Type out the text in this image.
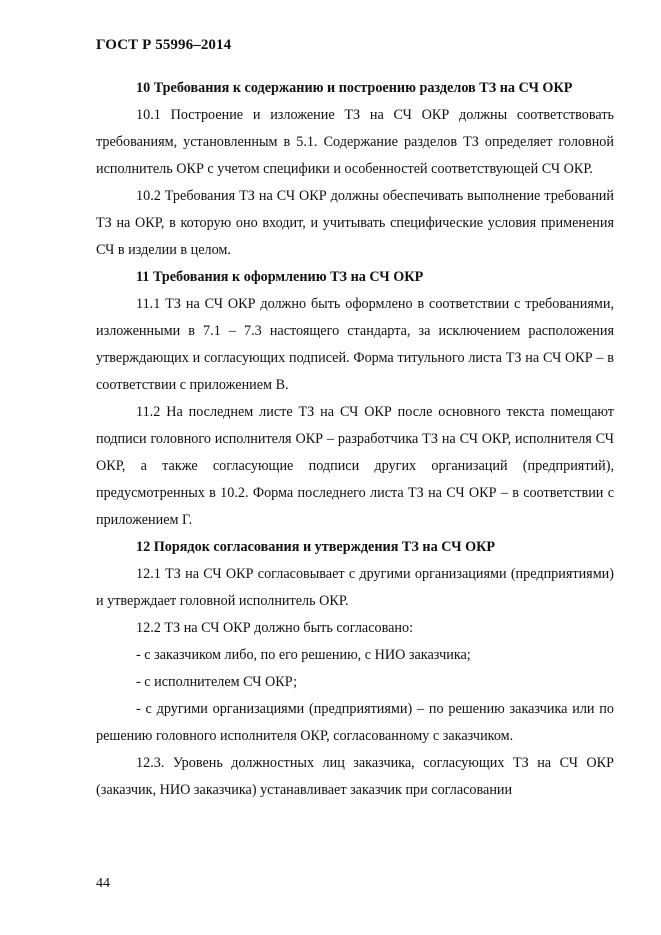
ГОСТ Р 55996–2014

10 Требования к содержанию и построению разделов ТЗ на СЧ ОКР

10.1 Построение и изложение ТЗ на СЧ ОКР должны соответствовать требованиям, установленным в 5.1. Содержание разделов ТЗ определяет головной исполнитель ОКР с учетом специфики и особенностей соответствующей СЧ ОКР.

10.2 Требования ТЗ на СЧ ОКР должны обеспечивать выполнение требований ТЗ на ОКР, в которую оно входит, и учитывать специфические условия применения СЧ в изделии в целом.

11 Требования к оформлению ТЗ на СЧ ОКР

11.1 ТЗ на СЧ ОКР должно быть оформлено в соответствии с требованиями, изложенными в 7.1 – 7.3 настоящего стандарта, за исключением расположения утверждающих и согласующих подписей. Форма титульного листа ТЗ на СЧ ОКР – в соответствии с приложением В.

11.2 На последнем листе ТЗ на СЧ ОКР после основного текста помещают подписи головного исполнителя ОКР – разработчика ТЗ на СЧ ОКР, исполнителя СЧ ОКР, а также согласующие подписи других организаций (предприятий), предусмотренных в 10.2. Форма последнего листа ТЗ на СЧ ОКР – в соответствии с приложением Г.

12 Порядок согласования и утверждения ТЗ на СЧ ОКР

12.1 ТЗ на СЧ ОКР согласовывает с другими организациями (предприятиями) и утверждает головной исполнитель ОКР.

12.2 ТЗ на СЧ ОКР должно быть согласовано:

- с заказчиком либо, по его решению, с НИО заказчика;

- с исполнителем СЧ ОКР;

- с другими организациями (предприятиями) – по решению заказчика или по решению головного исполнителя ОКР, согласованному с заказчиком.

12.3. Уровень должностных лиц заказчика, согласующих ТЗ на СЧ ОКР (заказчик, НИО заказчика) устанавливает заказчик при согласовании

44
